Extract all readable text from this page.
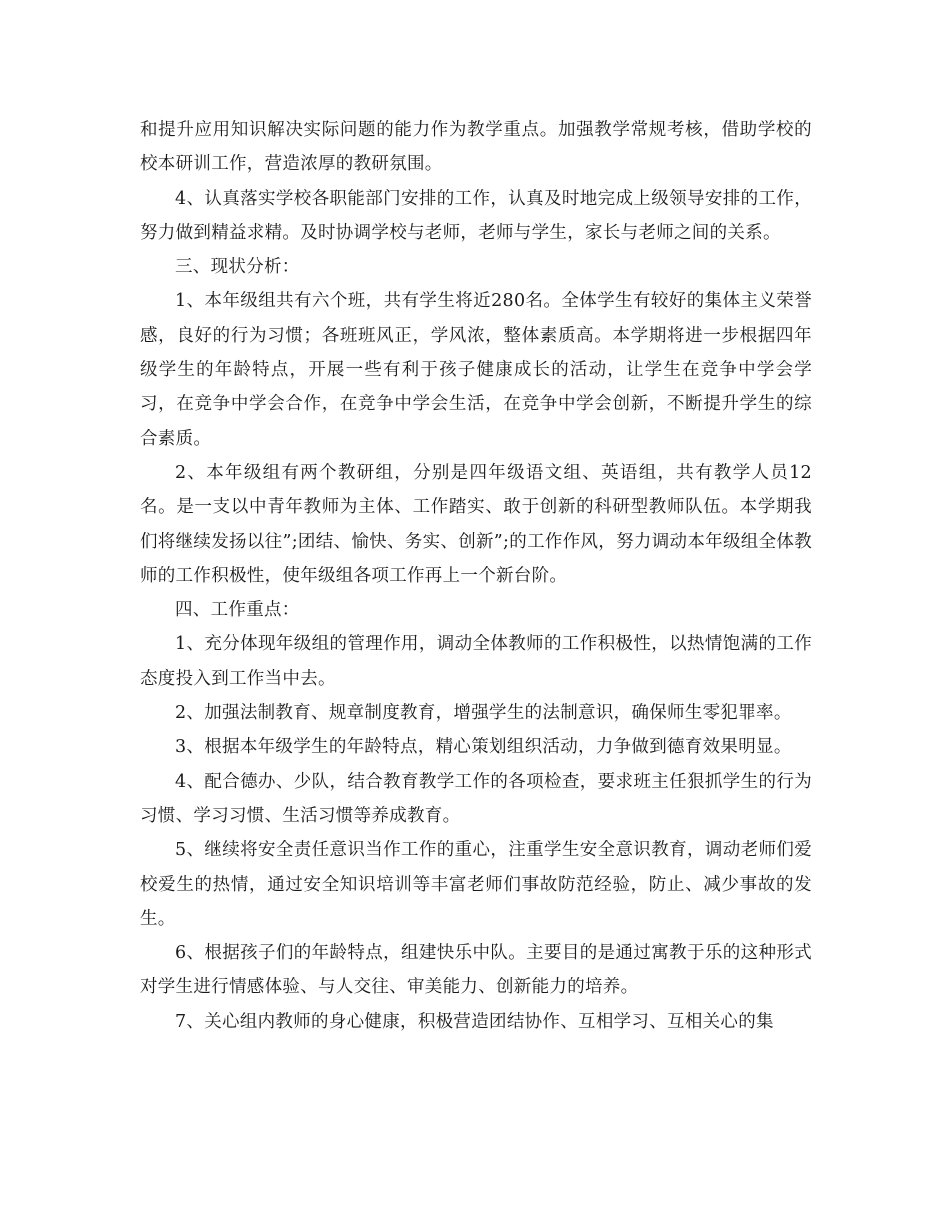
和提升应用知识解决实际问题的能力作为教学重点。加强教学常规考核，借助学校的校本研训工作，营造浓厚的教研氛围。

4、认真落实学校各职能部门安排的工作，认真及时地完成上级领导安排的工作，努力做到精益求精。及时协调学校与老师，老师与学生，家长与老师之间的关系。

三、现状分析：

1、本年级组共有六个班，共有学生将近280名。全体学生有较好的集体主义荣誉感，良好的行为习惯；各班班风正，学风浓，整体素质高。本学期将进一步根据四年级学生的年龄特点，开展一些有利于孩子健康成长的活动，让学生在竞争中学会学习，在竞争中学会合作，在竞争中学会生活，在竞争中学会创新，不断提升学生的综合素质。

2、本年级组有两个教研组，分别是四年级语文组、英语组，共有教学人员12名。是一支以中青年教师为主体、工作踏实、敢于创新的科研型教师队伍。本学期我们将继续发扬以往”;团结、愉快、务实、创新”;的工作作风，努力调动本年级组全体教师的工作积极性，使年级组各项工作再上一个新台阶。

四、工作重点：

1、充分体现年级组的管理作用，调动全体教师的工作积极性，以热情饱满的工作态度投入到工作当中去。

2、加强法制教育、规章制度教育，增强学生的法制意识，确保师生零犯罪率。

3、根据本年级学生的年龄特点，精心策划组织活动，力争做到德育效果明显。

4、配合德办、少队，结合教育教学工作的各项检查，要求班主任狠抓学生的行为习惯、学习习惯、生活习惯等养成教育。

5、继续将安全责任意识当作工作的重心，注重学生安全意识教育，调动老师们爱校爱生的热情，通过安全知识培训等丰富老师们事故防范经验，防止、减少事故的发生。

6、根据孩子们的年龄特点，组建快乐中队。主要目的是通过寓教于乐的这种形式对学生进行情感体验、与人交往、审美能力、创新能力的培养。

7、关心组内教师的身心健康，积极营造团结协作、互相学习、互相关心的集
